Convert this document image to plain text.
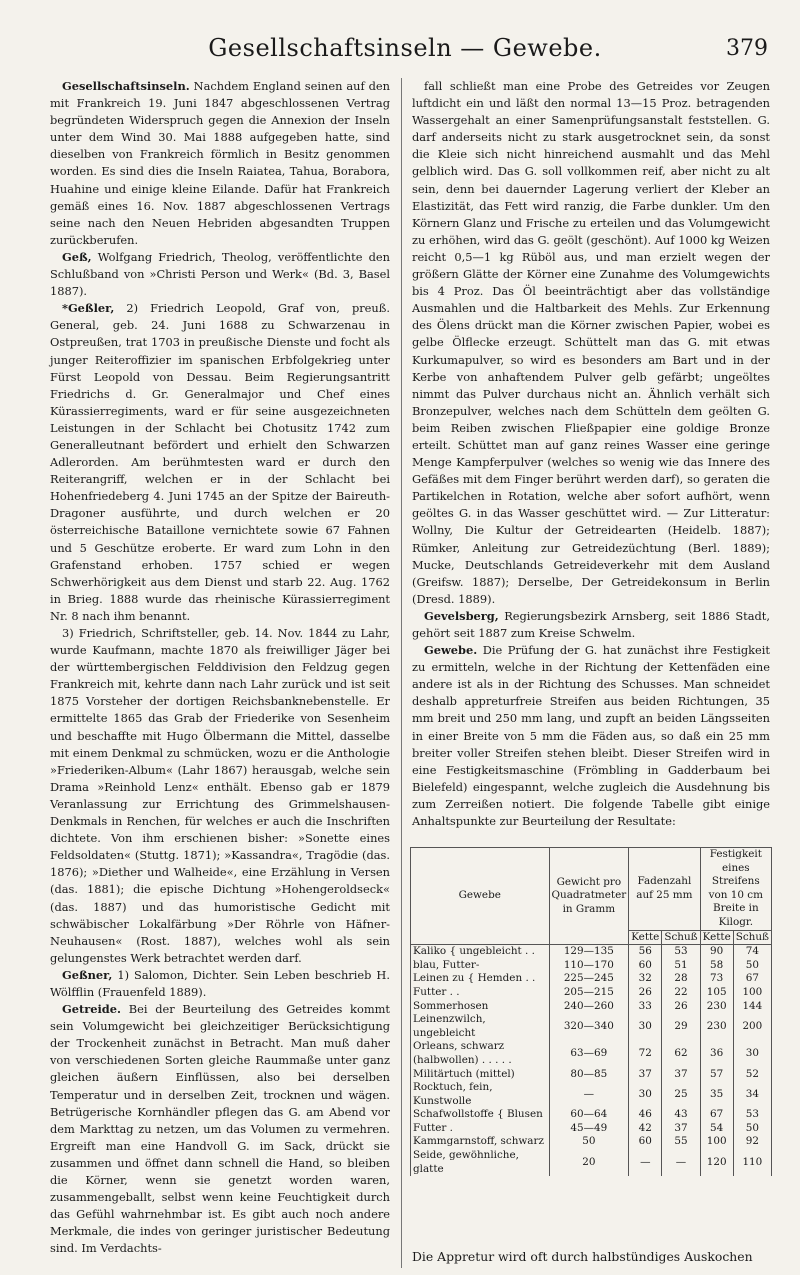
Gesellschaftsinseln — Gewebe.	379

Gesellschaftsinseln. Nachdem England seinen auf den mit Frankreich 19. Juni 1847 abgeschlossenen Vertrag begründeten Widerspruch gegen die Annexion der Inseln unter dem Wind 30. Mai 1888 aufgegeben hatte, sind dieselben von Frankreich förmlich in Besitz genommen worden. Es sind dies die Inseln Raiatea, Tahua, Borabora, Huahine und einige kleine Eilande. Dafür hat Frankreich gemäß eines 16. Nov. 1887 abgeschlossenen Vertrags seine nach den Neuen Hebriden abgesandten Truppen zurückberufen.

Geß, Wolfgang Friedrich, Theolog, veröffentlichte den Schlußband von »Christi Person und Werk« (Bd. 3, Basel 1887).

*Geßler, 2) Friedrich Leopold, Graf von, preuß. General, geb. 24. Juni 1688 zu Schwarzenau in Ostpreußen, trat 1703 in preußische Dienste und focht als junger Reiteroffizier im spanischen Erbfolgekrieg unter Fürst Leopold von Dessau. Beim Regierungsantritt Friedrichs d. Gr. Generalmajor und Chef eines Kürassierregiments, ward er für seine ausgezeichneten Leistungen in der Schlacht bei Chotusitz 1742 zum Generalleutnant befördert und erhielt den Schwarzen Adlerorden. Am berühmtesten ward er durch den Reiterangriff, welchen er in der Schlacht bei Hohenfriedeberg 4. Juni 1745 an der Spitze der Baireuth-Dragoner ausführte, und durch welchen er 20 österreichische Bataillone vernichtete sowie 67 Fahnen und 5 Geschütze eroberte. Er ward zum Lohn in den Grafenstand erhoben. 1757 schied er wegen Schwerhörigkeit aus dem Dienst und starb 22. Aug. 1762 in Brieg. 1888 wurde das rheinische Kürassierregiment Nr. 8 nach ihm benannt.

3) Friedrich, Schriftsteller, geb. 14. Nov. 1844 zu Lahr, wurde Kaufmann, machte 1870 als freiwilliger Jäger bei der württembergischen Felddivision den Feldzug gegen Frankreich mit, kehrte dann nach Lahr zurück und ist seit 1875 Vorsteher der dortigen Reichsbanknebenstelle. Er ermittelte 1865 das Grab der Friederike von Sesenheim und beschaffte mit Hugo Ölbermann die Mittel, dasselbe mit einem Denkmal zu schmücken, wozu er die Anthologie »Friederiken-Album« (Lahr 1867) herausgab, welche sein Drama »Reinhold Lenz« enthält. Ebenso gab er 1879 Veranlassung zur Errichtung des Grimmelshausen-Denkmals in Renchen, für welches er auch die Inschriften dichtete. Von ihm erschienen bisher: »Sonette eines Feldsoldaten« (Stuttg. 1871); »Kassandra«, Tragödie (das. 1876); »Diether und Walheide«, eine Erzählung in Versen (das. 1881); die epische Dichtung »Hohengeroldseck« (das. 1887) und das humoristische Gedicht mit schwäbischer Lokalfärbung »Der Röhrle von Häfner-Neuhausen« (Rost. 1887), welches wohl als sein gelungenstes Werk betrachtet werden darf.

Geßner, 1) Salomon, Dichter. Sein Leben beschrieb H. Wölfflin (Frauenfeld 1889).

Getreide. Bei der Beurteilung des Getreides kommt sein Volumgewicht bei gleichzeitiger Berücksichtigung der Trockenheit zunächst in Betracht. Man muß daher von verschiedenen Sorten gleiche Raummaße unter ganz gleichen äußern Einflüssen, also bei derselben Temperatur und in derselben Zeit, trocknen und wägen. Betrügerische Kornhändler pflegen das G. am Abend vor dem Markttag zu netzen, um das Volumen zu vermehren. Ergreift man eine Handvoll G. im Sack, drückt sie zusammen und öffnet dann schnell die Hand, so bleiben die Körner, wenn sie genetzt worden waren, zusammengeballt, selbst wenn keine Feuchtigkeit durch das Gefühl wahrnehmbar ist. Es gibt auch noch andere Merkmale, die indes von geringer juristischer Bedeutung sind. Im Verdachts-

fall schließt man eine Probe des Getreides vor Zeugen luftdicht ein und läßt den normal 13—15 Proz. betragenden Wassergehalt an einer Samenprüfungsanstalt feststellen. G. darf anderseits nicht zu stark ausgetrocknet sein, da sonst die Kleie sich nicht hinreichend ausmahlt und das Mehl gelblich wird. Das G. soll vollkommen reif, aber nicht zu alt sein, denn bei dauernder Lagerung verliert der Kleber an Elastizität, das Fett wird ranzig, die Farbe dunkler. Um den Körnern Glanz und Frische zu erteilen und das Volumgewicht zu erhöhen, wird das G. geölt (geschönt). Auf 1000 kg Weizen reicht 0,5—1 kg Rüböl aus, und man erzielt wegen der größern Glätte der Körner eine Zunahme des Volumgewichts bis 4 Proz. Das Öl beeinträchtigt aber das vollständige Ausmahlen und die Haltbarkeit des Mehls. Zur Erkennung des Ölens drückt man die Körner zwischen Papier, wobei es gelbe Ölflecke erzeugt. Schüttelt man das G. mit etwas Kurkumapulver, so wird es besonders am Bart und in der Kerbe von anhaftendem Pulver gelb gefärbt; ungeöltes nimmt das Pulver durchaus nicht an. Ähnlich verhält sich Bronzepulver, welches nach dem Schütteln dem geölten G. beim Reiben zwischen Fließpapier eine goldige Bronze erteilt. Schüttet man auf ganz reines Wasser eine geringe Menge Kampferpulver (welches so wenig wie das Innere des Gefäßes mit dem Finger berührt werden darf), so geraten die Partikelchen in Rotation, welche aber sofort aufhört, wenn geöltes G. in das Wasser geschüttet wird. — Zur Litteratur: Wollny, Die Kultur der Getreidearten (Heidelb. 1887); Rümker, Anleitung zur Getreidezüchtung (Berl. 1889); Mucke, Deutschlands Getreideverkehr mit dem Ausland (Greifsw. 1887); Derselbe, Der Getreidekonsum in Berlin (Dresd. 1889).

Gevelsberg, Regierungsbezirk Arnsberg, seit 1886 Stadt, gehört seit 1887 zum Kreise Schwelm.

Gewebe. Die Prüfung der G. hat zunächst ihre Festigkeit zu ermitteln, welche in der Richtung der Kettenfäden eine andere ist als in der Richtung des Schusses. Man schneidet deshalb appreturfreie Streifen aus beiden Richtungen, 35 mm breit und 250 mm lang, und zupft an beiden Längsseiten in einer Breite von 5 mm die Fäden aus, so daß ein 25 mm breiter voller Streifen stehen bleibt. Dieser Streifen wird in eine Festigkeitsmaschine (Frömbling in Gadderbaum bei Bielefeld) eingespannt, welche zugleich die Ausdehnung bis zum Zerreißen notiert. Die folgende Tabelle gibt einige Anhaltspunkte zur Beurteilung der Resultate:

Gewebe	Gewicht pro Quadratmeter in Gramm	Fadenzahl auf 25 mm		Festigkeit eines Streifens von 10 cm Breite in Kilogr.	
		Kette	Schuß	Kette	Schuß
Kaliko { ungebleicht . .	129—135	56	53	90	74
blau, Futter-	110—170	60	51	58	50
Leinen zu { Hemden . .	225—245	32	28	73	67
Futter . .	205—215	26	22	105	100
Sommerhosen	240—260	33	26	230	144
Leinenzwilch, ungebleicht	320—340	30	29	230	200
Orleans, schwarz (halbwollen) . . . . .	63—69	72	62	36	30
Militärtuch (mittel)	80—85	37	37	57	52
Rocktuch, fein, Kunstwolle	—	30	25	35	34
Schafwollstoffe { Blusen	60—64	46	43	67	53
Futter .	45—49	42	37	54	50
Kammgarnstoff, schwarz	50	60	55	100	92
Seide, gewöhnliche, glatte	20	—	—	120	110
Die Appretur wird oft durch halbstündiges Auskochen
